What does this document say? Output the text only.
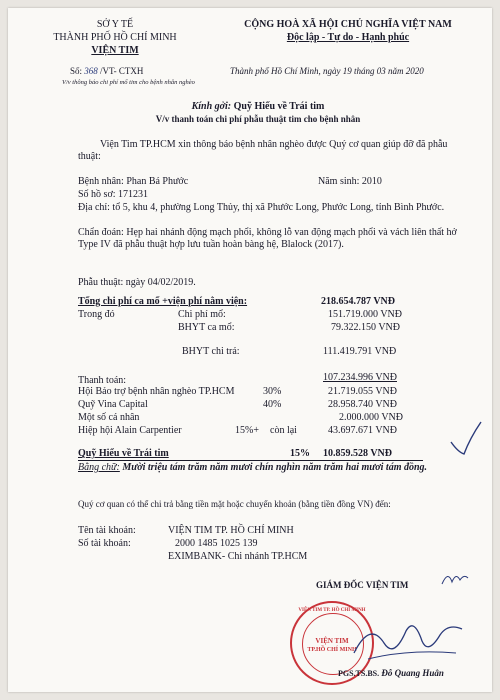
SỞ Y TẾ
THÀNH PHỐ HỒ CHÍ MINH
VIỆN TIM
CỘNG HOÀ XÃ HỘI CHỦ NGHĨA VIỆT NAM
Độc lập - Tự do - Hạnh phúc
Số: 368 /VT- CTXH
V/v thông báo chi phí mổ tim cho bệnh nhân nghèo
Thành phố Hồ Chí Minh, ngày 19 tháng 03 năm 2020
Kính gởi: Quỹ Hiểu về Trái tim
V/v thanh toán chi phí phẫu thuật tim cho bệnh nhân
Viện Tim TP.HCM xin thông báo bệnh nhân nghèo được Quý cơ quan giúp đỡ đã phẫu thuật:
Bệnh nhân: Phan Bá Phước	Năm sinh: 2010
Số hồ sơ: 171231
Địa chỉ: tổ 5, khu 4, phường Long Thủy, thị xã Phước Long, Phước Long, tỉnh Bình Phước.
Chẩn đoán: Hẹp hai nhánh động mạch phổi, không lỗ van động mạch phổi và vách liên thất hở Type IV đã phẫu thuật hợp lưu tuần hoàn bàng hệ, Blalock (2017).
Phẫu thuật: ngày 04/02/2019.
Tổng chi phí ca mổ +viện phí nằm viện:	218.654.787 VNĐ
Trong đó	Chi phí mổ:	151.719.000 VNĐ
BHYT ca mổ:	79.322.150 VNĐ
BHYT chi trả:	111.419.791 VNĐ
Thanh toán:	107.234.996 VNĐ
Hội Bảo trợ bệnh nhân nghèo TP.HCM	30%	21.719.055 VNĐ
Quỹ Vina Capital	40%	28.958.740 VNĐ
Một số cá nhân	2.000.000 VNĐ
Hiệp hội Alain Carpentier	15%+ còn lại	43.697.671 VNĐ
Quỹ Hiểu về Trái tim	15% 10.859.528 VNĐ
Bằng chữ: Mười triệu tám trăm năm mươi chín nghìn năm trăm hai mươi tám đồng.
Quý cơ quan có thể chi trả bằng tiền mặt hoặc chuyển khoản (bằng tiền đồng VN) đến:
Tên tài khoản:	VIỆN TIM TP. HỒ CHÍ MINH
Số tài khoản:	2000 1485 1025 139
EXIMBANK- Chi nhánh TP.HCM
GIÁM ĐỐC VIỆN TIM
VIỆN TIM TP. HỒ CHÍ MINH
VIỆN TIM
TP.HỒ CHÍ MINH
PGS.TS.BS. Đỗ Quang Huân
